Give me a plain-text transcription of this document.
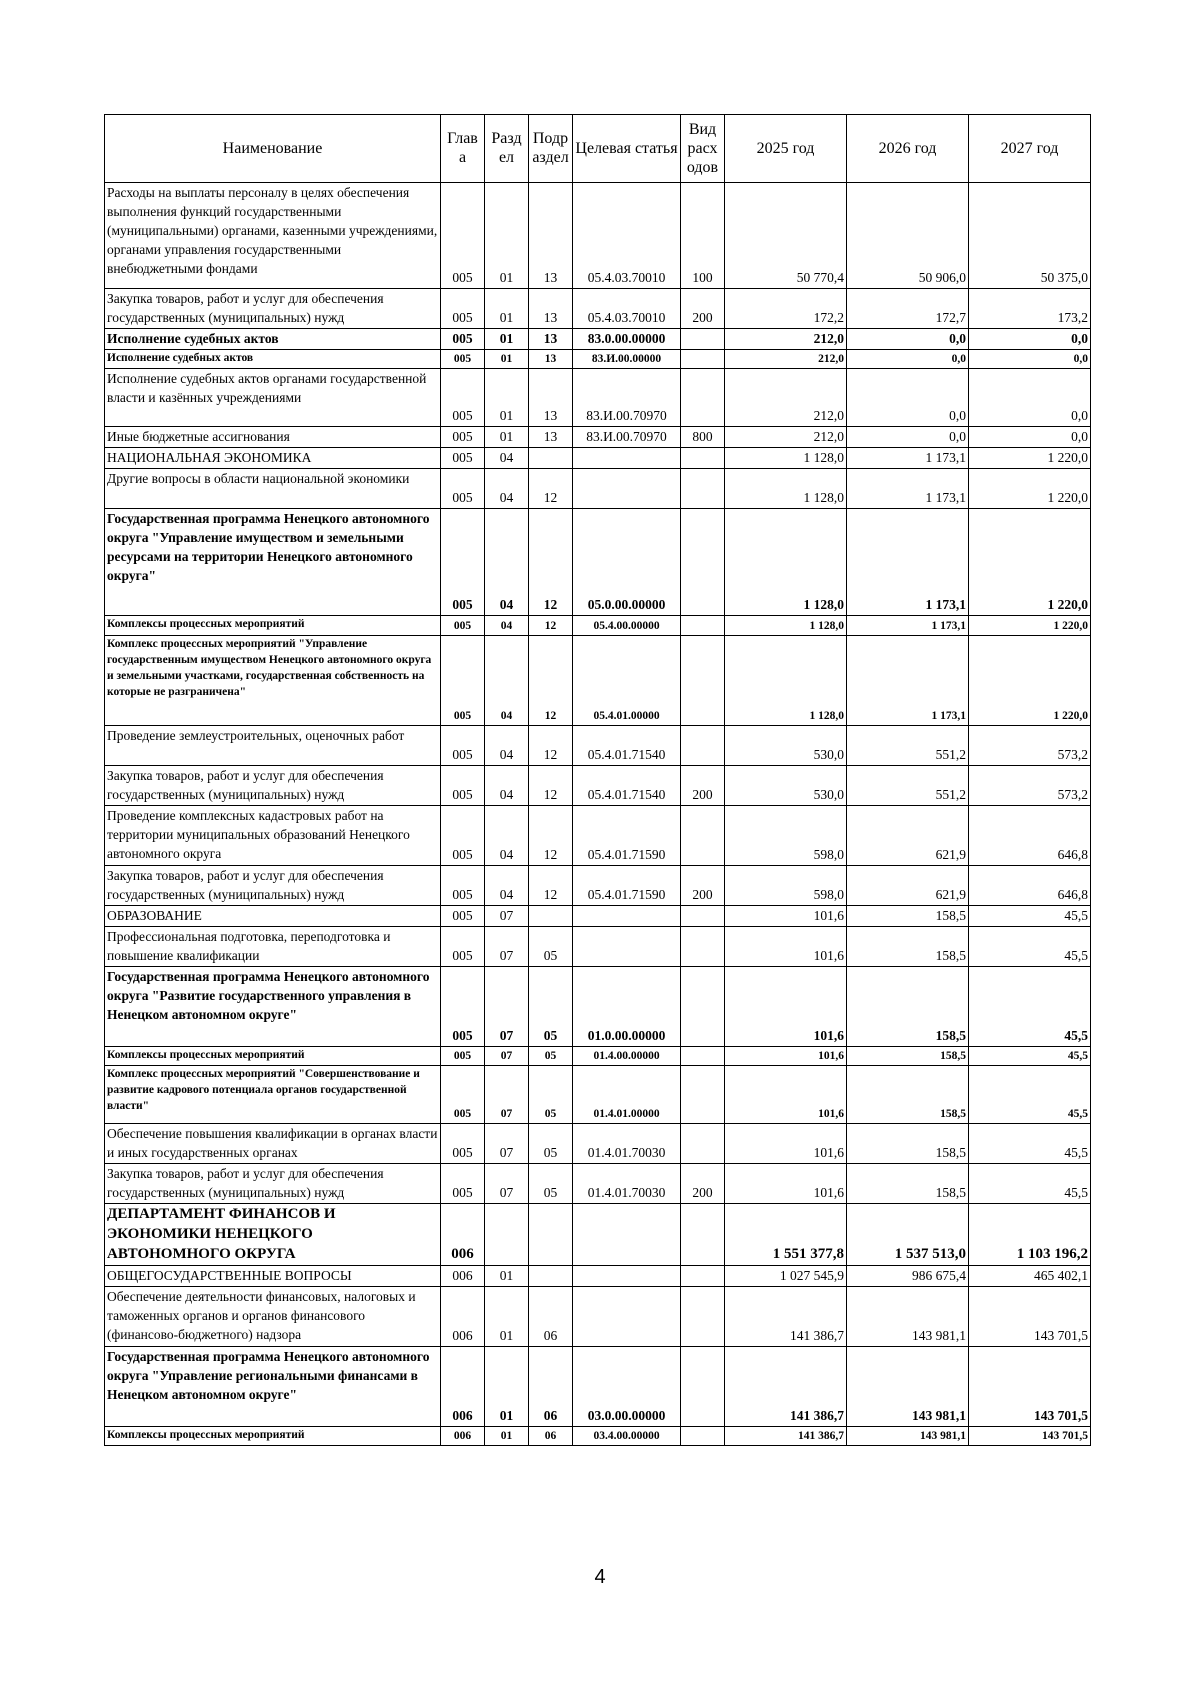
Наименование	Глав а	Разд ел	Подр аздел	Целевая статья	Вид расх одов	2025 год	2026 год	2027 год
Расходы на выплаты персоналу в целях обеспечения выполнения функций государственными (муниципальными) органами, казенными учреждениями, органами управления государственными внебюджетными фондами	005	01	13	05.4.03.70010	100	50 770,4	50 906,0	50 375,0
Закупка товаров, работ и услуг для обеспечения государственных (муниципальных) нужд	005	01	13	05.4.03.70010	200	172,2	172,7	173,2
Исполнение судебных актов	005	01	13	83.0.00.00000		212,0	0,0	0,0
Исполнение судебных актов	005	01	13	83.И.00.00000		212,0	0,0	0,0
Исполнение судебных актов органами государственной власти и казённых учреждениями	005	01	13	83.И.00.70970		212,0	0,0	0,0
Иные бюджетные ассигнования	005	01	13	83.И.00.70970	800	212,0	0,0	0,0
НАЦИОНАЛЬНАЯ ЭКОНОМИКА	005	04				1 128,0	1 173,1	1 220,0
Другие вопросы в области национальной экономики	005	04	12			1 128,0	1 173,1	1 220,0
Государственная программа Ненецкого автономного округа "Управление имуществом и земельными ресурсами на территории Ненецкого автономного округа"	005	04	12	05.0.00.00000		1 128,0	1 173,1	1 220,0
Комплексы процессных мероприятий	005	04	12	05.4.00.00000		1 128,0	1 173,1	1 220,0
Комплекс процессных мероприятий "Управление государственным имуществом Ненецкого автономного округа и земельными участками, государственная собственность на которые не разграничена"	005	04	12	05.4.01.00000		1 128,0	1 173,1	1 220,0
Проведение землеустроительных, оценочных работ	005	04	12	05.4.01.71540		530,0	551,2	573,2
Закупка товаров, работ и услуг для обеспечения государственных (муниципальных) нужд	005	04	12	05.4.01.71540	200	530,0	551,2	573,2
Проведение комплексных кадастровых работ на территории муниципальных образований Ненецкого автономного округа	005	04	12	05.4.01.71590		598,0	621,9	646,8
Закупка товаров, работ и услуг для обеспечения государственных (муниципальных) нужд	005	04	12	05.4.01.71590	200	598,0	621,9	646,8
ОБРАЗОВАНИЕ	005	07				101,6	158,5	45,5
Профессиональная подготовка, переподготовка и повышение квалификации	005	07	05			101,6	158,5	45,5
Государственная программа Ненецкого автономного округа "Развитие государственного управления в Ненецком автономном округе"	005	07	05	01.0.00.00000		101,6	158,5	45,5
Комплексы процессных мероприятий	005	07	05	01.4.00.00000		101,6	158,5	45,5
Комплекс процессных мероприятий "Совершенствование и развитие кадрового потенциала органов государственной власти"	005	07	05	01.4.01.00000		101,6	158,5	45,5
Обеспечение повышения квалификации в органах власти и иных государственных органах	005	07	05	01.4.01.70030		101,6	158,5	45,5
Закупка товаров, работ и услуг для обеспечения государственных (муниципальных) нужд	005	07	05	01.4.01.70030	200	101,6	158,5	45,5
ДЕПАРТАМЕНТ ФИНАНСОВ И ЭКОНОМИКИ НЕНЕЦКОГО АВТОНОМНОГО ОКРУГА	006					1 551 377,8	1 537 513,0	1 103 196,2
ОБЩЕГОСУДАРСТВЕННЫЕ ВОПРОСЫ	006	01				1 027 545,9	986 675,4	465 402,1
Обеспечение деятельности финансовых, налоговых и таможенных органов и органов финансового (финансово-бюджетного) надзора	006	01	06			141 386,7	143 981,1	143 701,5
Государственная программа Ненецкого автономного округа "Управление региональными финансами в Ненецком автономном округе"	006	01	06	03.0.00.00000		141 386,7	143 981,1	143 701,5
Комплексы процессных мероприятий	006	01	06	03.4.00.00000		141 386,7	143 981,1	143 701,5
4
